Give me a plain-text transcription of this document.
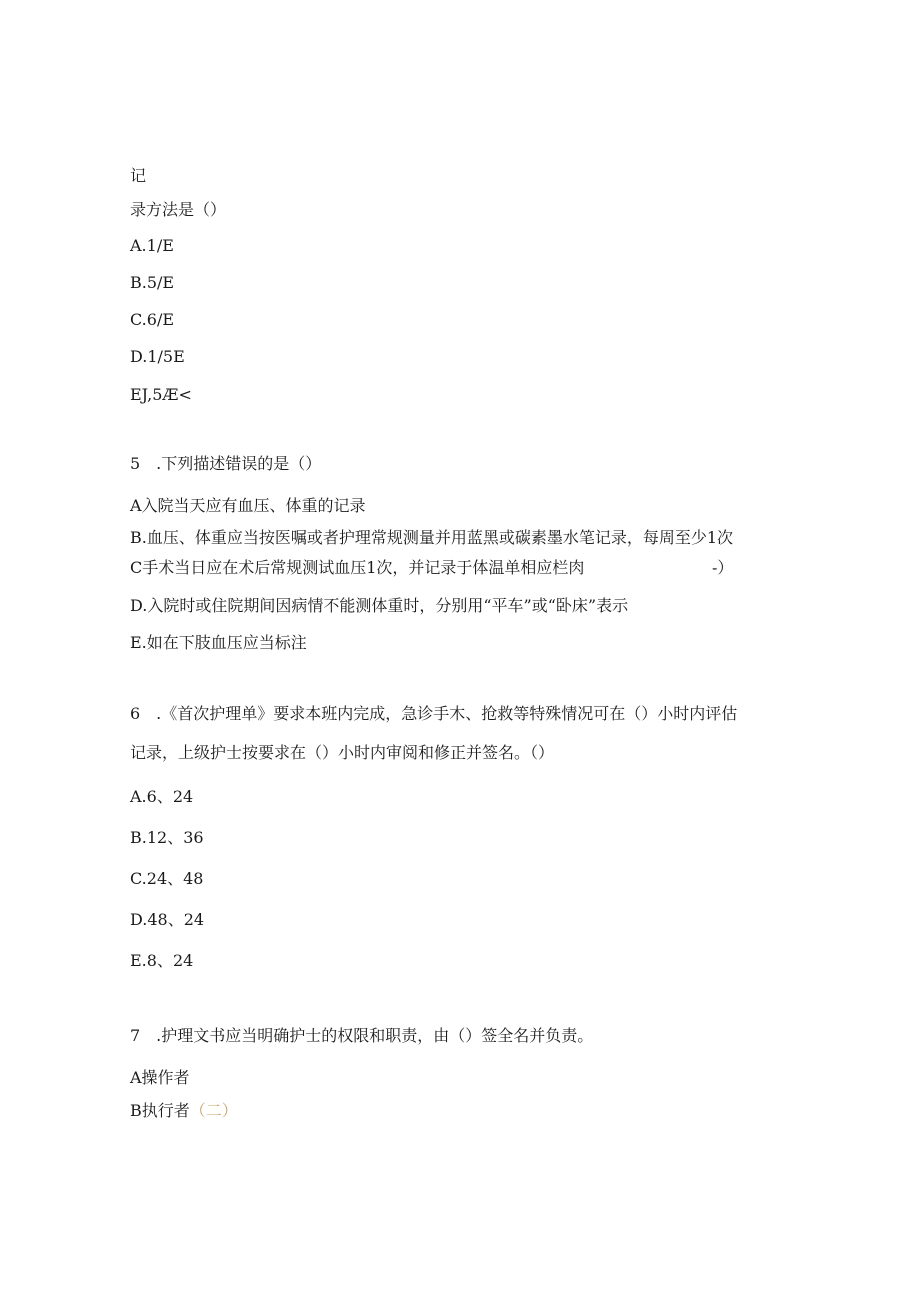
记

录方法是（）

A.1/E

B.5/E

C.6/E

D.1/5E

EJ,5Æ<

5　.下列描述错误的是（）

A入院当天应有血压、体重的记录

B.血压、体重应当按医嘱或者护理常规测量并用蓝黑或碳素墨水笔记录，每周至少1次

C手术当日应在术后常规测试血压1次，并记录于体温单相应栏肉	-）

D.入院时或住院期间因病情不能测体重时，分别用“平车”或“卧床”表示

E.如在下肢血压应当标注

6　.《首次护理单》要求本班内完成，急诊手木、抢救等特殊情况可在（）小时内评估

记录，上级护士按要求在（）小时内审阅和修正并签名。（）

A.6、24

B.12、36

C.24、48

D.48、24

E.8、24

7　.护理文书应当明确护士的权限和职责，由（）签全名并负责。

A操作者

B执行者（二）
